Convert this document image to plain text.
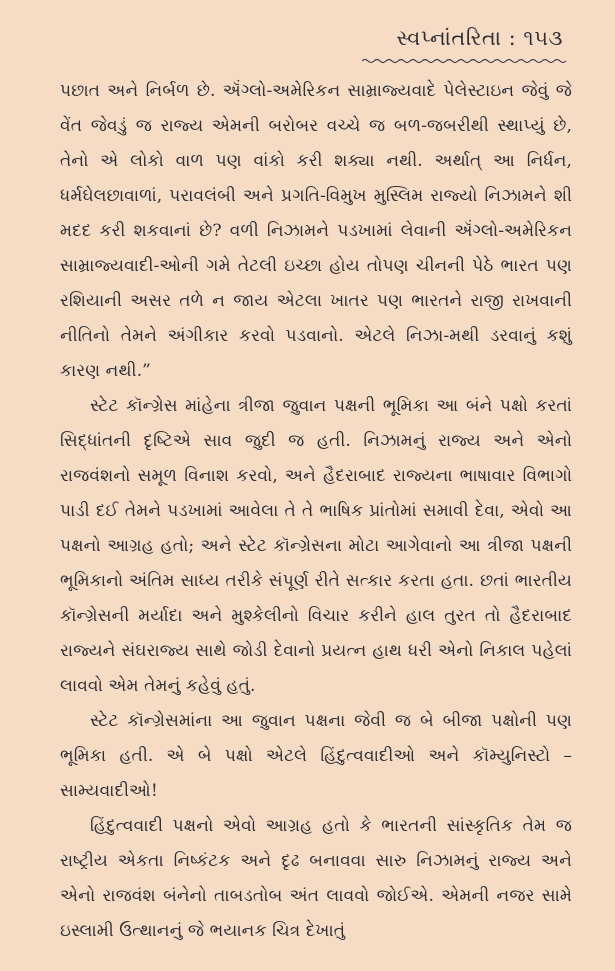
સ્વપ્નાંતરિતા : ૧૫૩

પછાત અને નિર્બળ છે. ઍંગ્લો-અમેરિકન સામ્રાજ્યવાદે પેલેસ્ટાઇન જેવું જે વેંત જેવડું જ રાજ્ય એમની બરોબર વચ્ચે જ બળ-જબરીથી સ્થાપ્યું છે, તેનો એ લોકો વાળ પણ વાંકો કરી શક્યા નથી. અર્થાત્ આ નિર્ધન, ધર્મઘેલછાવાળાં, પરાવલંબી અને પ્રગતિ-વિમુખ મુસ્લિમ રાજ્યો નિઝામને શી મદદ કરી શકવાનાં છે? વળી નિઝામને પડખામાં લેવાની ઍંગ્લો-અમેરિકન સામ્રાજ્યવાદી-ઓની ગમે તેટલી ઇચ્છા હોય તોપણ ચીનની પેઠે ભારત પણ રશિયાની અસર તળે ન જાય એટલા ખાતર પણ ભારતને રાજી રાખવાની નીતિનો તેમને અંગીકાર કરવો પડવાનો. એટલે નિઝા-મથી ડરવાનું કશું કારણ નથી.”

સ્ટેટ કૉન્ગ્રેસ માંહેના ત્રીજા જુવાન પક્ષની ભૂમિકા આ બંને પક્ષો કરતાં સિદ્ધાંતની દૃષ્ટિએ સાવ જુદી જ હતી. નિઝામનું રાજ્ય અને એનો રાજવંશનો સમૂળ વિનાશ કરવો, અને હૈદરાબાદ રાજ્યના ભાષાવાર વિભાગો પાડી દઈ તેમને પડખામાં આવેલા તે તે ભાષિક પ્રાંતોમાં સમાવી દેવા, એવો આ પક્ષનો આગ્રહ હતો; અને સ્ટેટ કૉન્ગ્રેસના મોટા આગેવાનો આ ત્રીજા પક્ષની ભૂમિકાનો અંતિમ સાધ્ય તરીકે સંપૂર્ણ રીતે સત્કાર કરતા હતા. છતાં ભારતીય કૉન્ગ્રેસની મર્યાદા અને મુશ્કેલીનો વિચાર કરીને હાલ તુરત તો હૈદરાબાદ રાજ્યને સંઘરાજ્ય સાથે જોડી દેવાનો પ્રયત્ન હાથ ધરી એનો નિકાલ પહેલાં લાવવો એમ તેમનું કહેવું હતું.

સ્ટેટ કૉન્ગ્રેસમાંના આ જુવાન પક્ષના જેવી જ બે બીજા પક્ષોની પણ ભૂમિકા હતી. એ બે પક્ષો એટલે હિંદુત્વવાદીઓ અને કૉમ્યુનિસ્ટો – સામ્યવાદીઓ!

હિંદુત્વવાદી પક્ષનો એવો આગ્રહ હતો કે ભારતની સાંસ્કૃતિક તેમ જ રાષ્ટ્રીય એકતા નિષ્કંટક અને દૃઢ બનાવવા સારુ નિઝામનું રાજ્ય અને એનો રાજવંશ બંનેનો તાબડતોબ અંત લાવવો જોઈએ. એમની નજર સામે ઇસ્લામી ઉત્થાનનું જે ભયાનક ચિત્ર દેખાતું
